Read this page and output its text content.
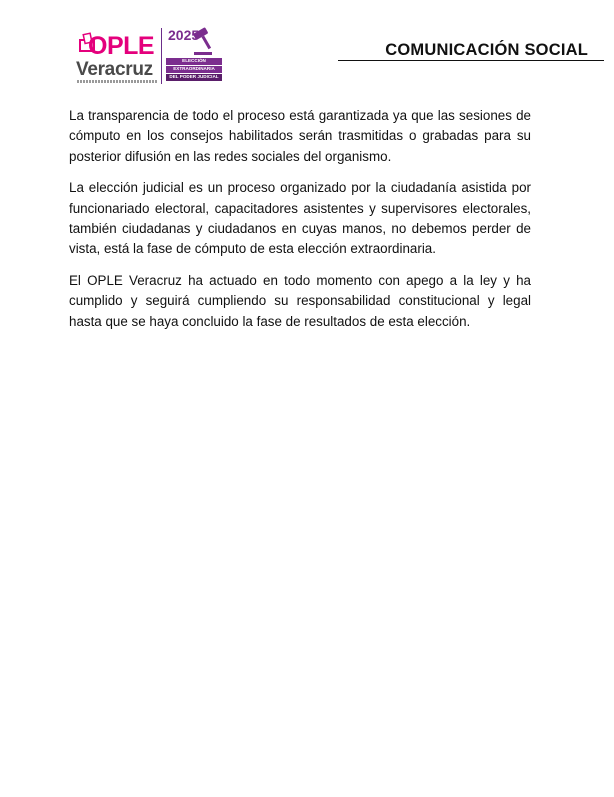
OPLE
Veracruz
2025
ELECCIÓN
EXTRAORDINARIA
DEL PODER JUDICIAL
COMUNICACIÓN SOCIAL

La transparencia de todo el proceso está garantizada ya que las sesiones de cómputo en los consejos habilitados serán trasmitidas o grabadas para su posterior difusión en las redes sociales del organismo.

La elección judicial es un proceso organizado por la ciudadanía asistida por funcionariado electoral, capacitadores asistentes y supervisores electorales, también ciudadanas y ciudadanos en cuyas manos, no debemos perder de vista, está la fase de cómputo de esta elección extraordinaria.

El OPLE Veracruz ha actuado en todo momento con apego a la ley y ha cumplido y seguirá cumpliendo su responsabilidad constitucional y legal hasta que se haya concluido la fase de resultados de esta elección.
